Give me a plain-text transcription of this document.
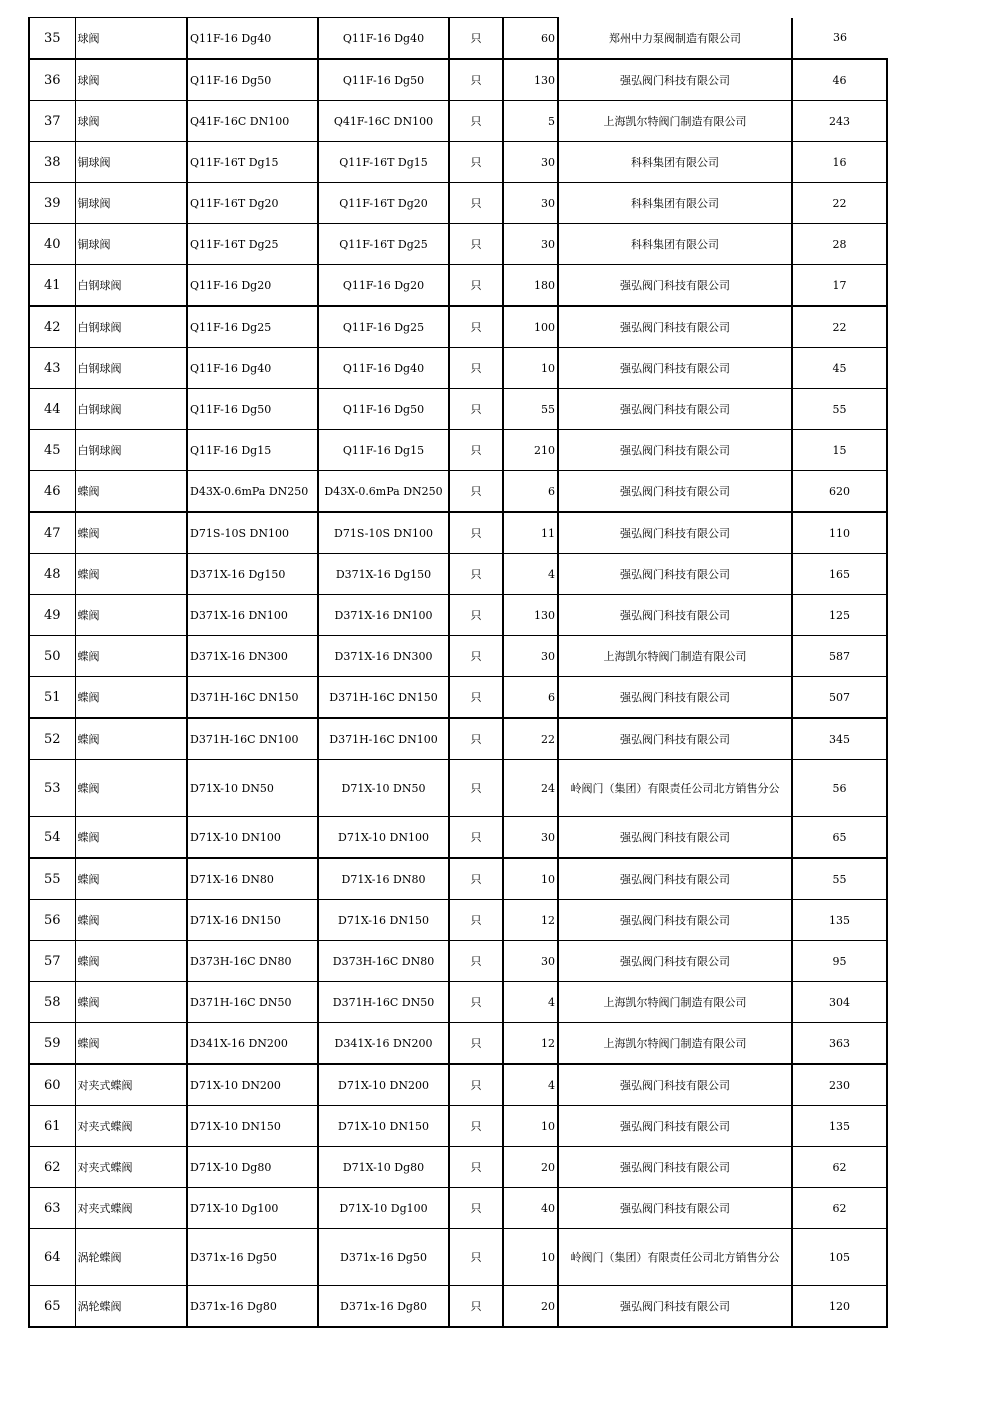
35	球阀	Q11F-16 Dg40	Q11F-16 Dg40	只	60	郑州中力泵阀制造有限公司	36
36	球阀	Q11F-16 Dg50	Q11F-16 Dg50	只	130	强弘阀门科技有限公司	46
37	球阀	Q41F-16C DN100	Q41F-16C DN100	只	5	上海凯尔特阀门制造有限公司	243
38	铜球阀	Q11F-16T Dg15	Q11F-16T Dg15	只	30	科科集团有限公司	16
39	铜球阀	Q11F-16T Dg20	Q11F-16T Dg20	只	30	科科集团有限公司	22
40	铜球阀	Q11F-16T Dg25	Q11F-16T Dg25	只	30	科科集团有限公司	28
41	白钢球阀	Q11F-16 Dg20	Q11F-16 Dg20	只	180	强弘阀门科技有限公司	17
42	白钢球阀	Q11F-16 Dg25	Q11F-16 Dg25	只	100	强弘阀门科技有限公司	22
43	白钢球阀	Q11F-16 Dg40	Q11F-16 Dg40	只	10	强弘阀门科技有限公司	45
44	白钢球阀	Q11F-16 Dg50	Q11F-16 Dg50	只	55	强弘阀门科技有限公司	55
45	白钢球阀	Q11F-16 Dg15	Q11F-16 Dg15	只	210	强弘阀门科技有限公司	15
46	蝶阀	D43X-0.6mPa DN250	D43X-0.6mPa DN250	只	6	强弘阀门科技有限公司	620
47	蝶阀	D71S-10S DN100	D71S-10S DN100	只	11	强弘阀门科技有限公司	110
48	蝶阀	D371X-16 Dg150	D371X-16 Dg150	只	4	强弘阀门科技有限公司	165
49	蝶阀	D371X-16 DN100	D371X-16 DN100	只	130	强弘阀门科技有限公司	125
50	蝶阀	D371X-16 DN300	D371X-16 DN300	只	30	上海凯尔特阀门制造有限公司	587
51	蝶阀	D371H-16C DN150	D371H-16C DN150	只	6	强弘阀门科技有限公司	507
52	蝶阀	D371H-16C DN100	D371H-16C DN100	只	22	强弘阀门科技有限公司	345
53	蝶阀	D71X-10 DN50	D71X-10 DN50	只	24	岭阀门（集团）有限责任公司北方销售分公	56
54	蝶阀	D71X-10 DN100	D71X-10 DN100	只	30	强弘阀门科技有限公司	65
55	蝶阀	D71X-16 DN80	D71X-16 DN80	只	10	强弘阀门科技有限公司	55
56	蝶阀	D71X-16 DN150	D71X-16 DN150	只	12	强弘阀门科技有限公司	135
57	蝶阀	D373H-16C DN80	D373H-16C DN80	只	30	强弘阀门科技有限公司	95
58	蝶阀	D371H-16C DN50	D371H-16C DN50	只	4	上海凯尔特阀门制造有限公司	304
59	蝶阀	D341X-16 DN200	D341X-16 DN200	只	12	上海凯尔特阀门制造有限公司	363
60	对夹式蝶阀	D71X-10 DN200	D71X-10 DN200	只	4	强弘阀门科技有限公司	230
61	对夹式蝶阀	D71X-10 DN150	D71X-10 DN150	只	10	强弘阀门科技有限公司	135
62	对夹式蝶阀	D71X-10 Dg80	D71X-10 Dg80	只	20	强弘阀门科技有限公司	62
63	对夹式蝶阀	D71X-10 Dg100	D71X-10 Dg100	只	40	强弘阀门科技有限公司	62
64	涡轮蝶阀	D371x-16 Dg50	D371x-16 Dg50	只	10	岭阀门（集团）有限责任公司北方销售分公	105
65	涡轮蝶阀	D371x-16 Dg80	D371x-16 Dg80	只	20	强弘阀门科技有限公司	120
